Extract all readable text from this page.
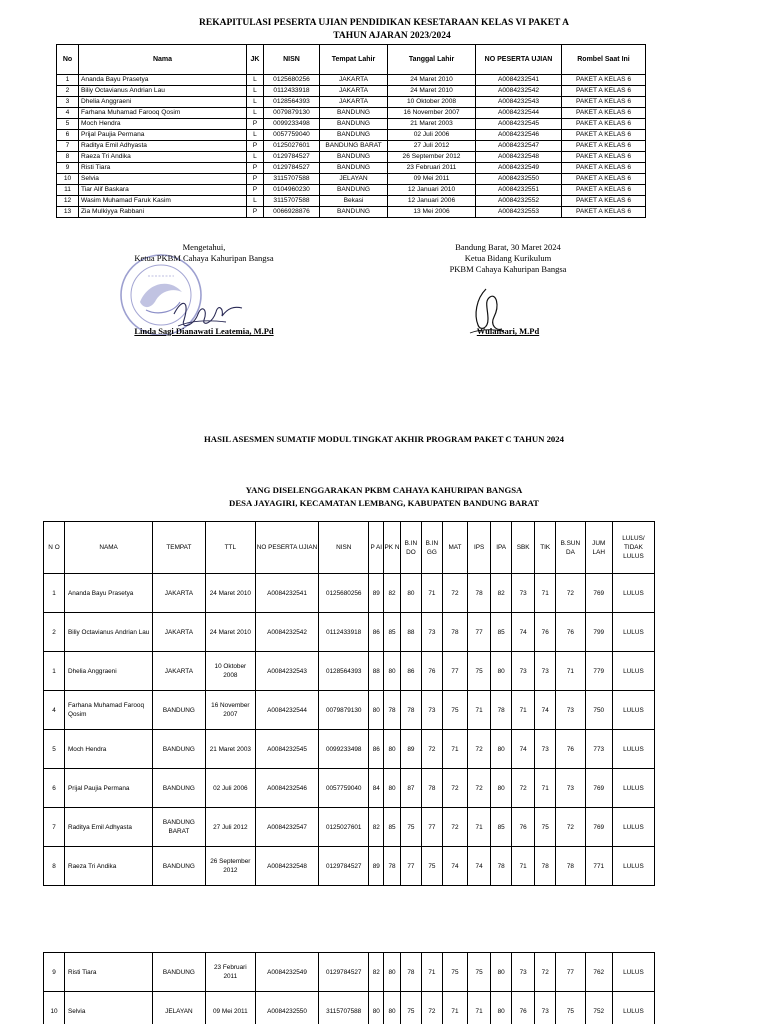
REKAPITULASI PESERTA UJIAN PENDIDIKAN KESETARAAN KELAS VI PAKET A
TAHUN AJARAN 2023/2024
No	Nama	JK	NISN	Tempat Lahir	Tanggal Lahir	NO PESERTA UJIAN	Rombel Saat Ini
1	Ananda Bayu Prasetya	L	0125680256	JAKARTA	24 Maret 2010	A0084232541	PAKET A KELAS 6
2	Biliy Octavianus Andrian Lau	L	0112433918	JAKARTA	24 Maret 2010	A0084232542	PAKET A KELAS 6
3	Dhelia Anggraeni	L	0128564393	JAKARTA	10 Oktober 2008	A0084232543	PAKET A KELAS 6
4	Farhana Muhamad Farooq Qosim	L	0079879130	BANDUNG	16 November 2007	A0084232544	PAKET A KELAS 6
5	Moch Hendra	P	0099233498	BANDUNG	21 Maret 2003	A0084232545	PAKET A KELAS 6
6	Prijal Paujia Permana	L	0057759040	BANDUNG	02 Juli 2006	A0084232546	PAKET A KELAS 6
7	Raditya Emil Adhyasta	P	0125027601	BANDUNG BARAT	27 Juli 2012	A0084232547	PAKET A KELAS 6
8	Raeza Tri Andika	L	0129784527	BANDUNG	26 September 2012	A0084232548	PAKET A KELAS 6
9	Risti Tiara	P	0129784527	BANDUNG	23 Februari 2011	A0084232549	PAKET A KELAS 6
10	Selvia	P	3115707588	JELAYAN	09 Mei 2011	A0084232550	PAKET A KELAS 6
11	Tiar Alif Baskara	P	0104960230	BANDUNG	12 Januari 2010	A0084232551	PAKET A KELAS 6
12	Wasim Muhamad Faruk Kasim	L	3115707588	Bekasi	12 Januari 2006	A0084232552	PAKET A KELAS 6
13	Zia Mulkiyya Rabbani	P	0066928876	BANDUNG	13 Mei 2006	A0084232553	PAKET A KELAS 6
Mengetahui,
Ketua PKBM Cahaya Kahuripan Bangsa
Linda Sagi Dianawati Leatemia, M.Pd
Bandung Barat, 30 Maret 2024
Ketua Bidang Kurikulum
PKBM Cahaya Kahuripan Bangsa
Wulansari, M.Pd
HASIL ASESMEN SUMATIF MODUL TINGKAT AKHIR PROGRAM PAKET C TAHUN 2024
YANG DISELENGGARAKAN PKBM CAHAYA KAHURIPAN BANGSA
DESA JAYAGIRI, KECAMATAN LEMBANG, KABUPATEN BANDUNG BARAT
N O	NAMA	TEMPAT	TTL	NO PESERTA UJIAN	NISN	P AI	PK N	B.IN DO	B.IN GG	MAT	IPS	IPA	SBK	TIK	B.SUN DA	JUM LAH	LULUS/ TIDAK LULUS
1	Ananda Bayu Prasetya	JAKARTA	24 Maret 2010	A0084232541	0125680256	89	82	80	71	72	78	82	73	71	72	769	LULUS
2	Biliy Octavianus Andrian Lau	JAKARTA	24 Maret 2010	A0084232542	0112433918	86	85	88	73	78	77	85	74	76	76	799	LULUS
1	Dhelia Anggraeni	JAKARTA	10 Oktober 2008	A0084232543	0128564393	88	80	86	76	77	75	80	73	73	71	779	LULUS
4	Farhana Muhamad Farooq Qosim	BANDUNG	16 November 2007	A0084232544	0079879130	80	78	78	73	75	71	78	71	74	73	750	LULUS
5	Moch Hendra	BANDUNG	21 Maret 2003	A0084232545	0099233498	86	80	89	72	71	72	80	74	73	76	773	LULUS
6	Prijal Paujia Permana	BANDUNG	02 Juli 2006	A0084232546	0057759040	84	80	87	78	72	72	80	72	71	73	769	LULUS
7	Raditya Emil Adhyasta	BANDUNG BARAT	27 Juli 2012	A0084232547	0125027601	82	85	75	77	72	71	85	76	75	72	769	LULUS
8	Raeza Tri Andika	BANDUNG	26 September 2012	A0084232548	0129784527	89	78	77	75	74	74	78	71	78	78	771	LULUS
9	Risti Tiara	BANDUNG	23 Februari 2011	A0084232549	0129784527	82	80	78	71	75	75	80	73	72	77	762	LULUS
10	Selvia	JELAYAN	09 Mei 2011	A0084232550	3115707588	80	80	75	72	71	71	80	76	73	75	752	LULUS
